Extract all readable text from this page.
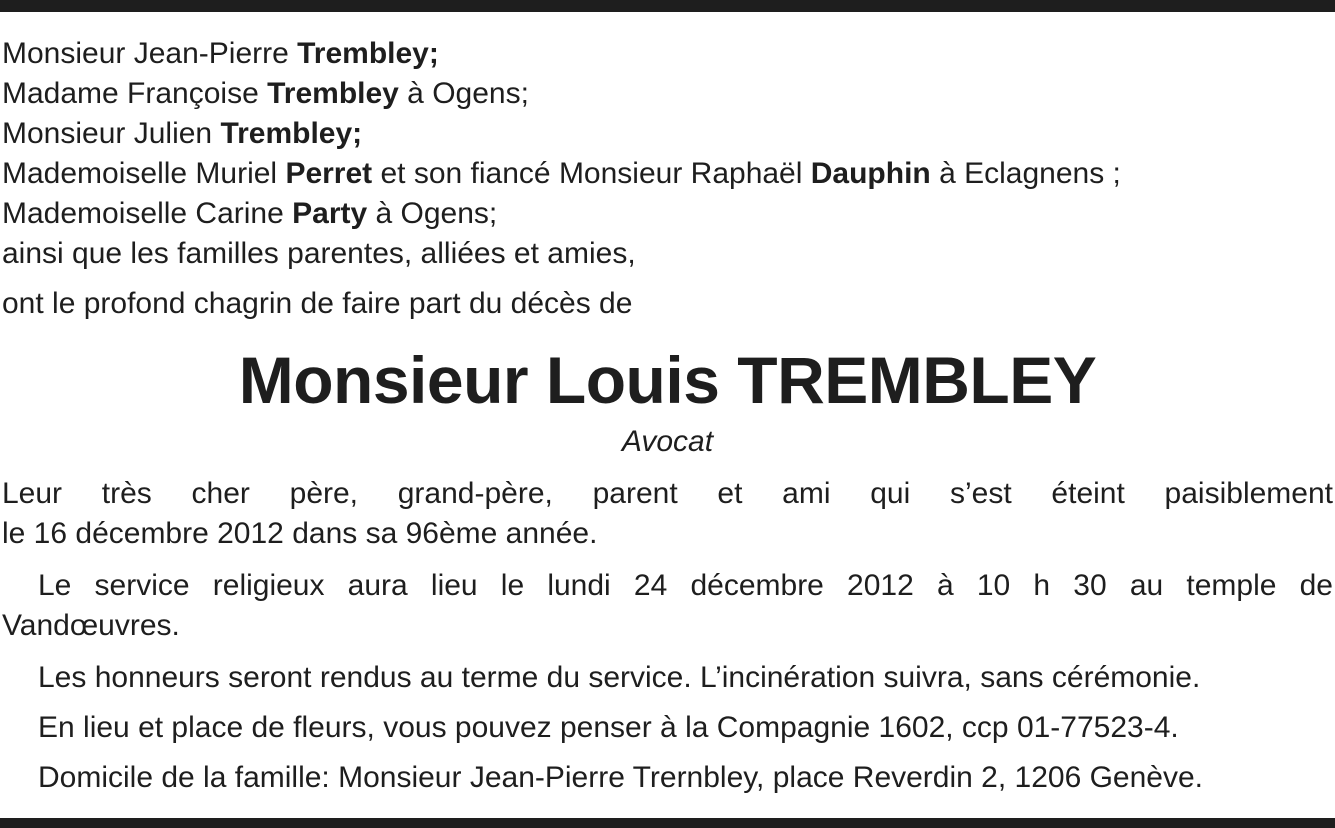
Monsieur Jean-Pierre Trembley;
Madame Françoise Trembley à Ogens;
Monsieur Julien Trembley;
Mademoiselle Muriel Perret et son fiancé Monsieur Raphaël Dauphin à Eclagnens ;
Mademoiselle Carine Party à Ogens;
ainsi que les familles parentes, alliées et amies,
ont le profond chagrin de faire part du décès de
Monsieur Louis TREMBLEY
Avocat
Leur très cher père, grand-père, parent et ami qui s’est éteint paisiblement
le 16 décembre 2012 dans sa 96ème année.
Le service religieux aura lieu le lundi 24 décembre 2012 à 10 h 30 au temple de
Vandœuvres.
Les honneurs seront rendus au terme du service. L’incinération suivra, sans cérémonie.
En lieu et place de fleurs, vous pouvez penser à la Compagnie 1602, ccp 01-77523-4.
Domicile de la famille: Monsieur Jean-Pierre Trernbley, place Reverdin 2, 1206 Genève.
